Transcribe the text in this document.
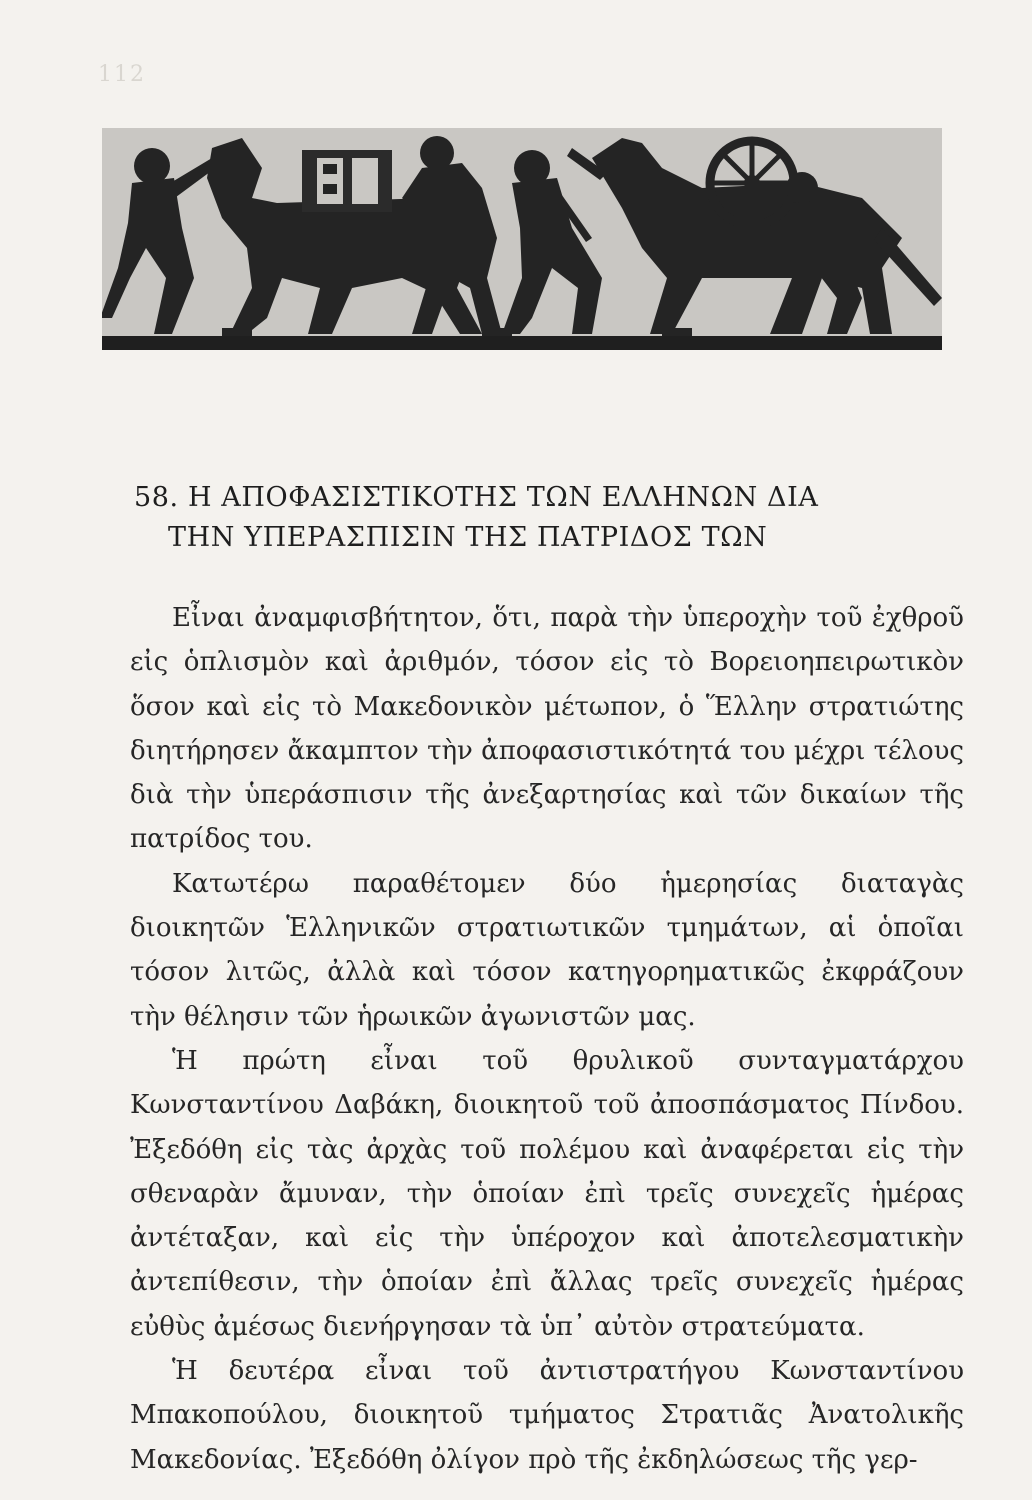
112
58. Η ΑΠΟΦΑΣΙΣΤΙΚΟΤΗΣ ΤΩΝ ΕΛΛΗΝΩΝ ΔΙΑ
ΤΗΝ ΥΠΕΡΑΣΠΙΣΙΝ ΤΗΣ ΠΑΤΡΙΔΟΣ ΤΩΝ

Εἶναι ἀναμφισβήτητον, ὅτι, παρὰ τὴν ὑπεροχὴν τοῦ ἐχθροῦ εἰς ὁπλισμὸν καὶ ἀριθμόν, τόσον εἰς τὸ Βορειοηπειρωτικὸν ὅσον καὶ εἰς τὸ Μακεδονικὸν μέτωπον, ὁ Ἕλλην στρατιώτης διητήρησεν ἄκαμπτον τὴν ἀποφασιστικότητά του μέχρι τέλους διὰ τὴν ὑπεράσπισιν τῆς ἀνεξαρτησίας καὶ τῶν δικαίων τῆς πατρίδος του.

Κατωτέρω παραθέτομεν δύο ἡμερησίας διαταγὰς διοικητῶν Ἑλληνικῶν στρατιωτικῶν τμημάτων, αἱ ὁποῖαι τόσον λιτῶς, ἀλλὰ καὶ τόσον κατηγορηματικῶς ἐκφράζουν τὴν θέλησιν τῶν ἡρωικῶν ἀγωνιστῶν μας.

Ἡ πρώτη εἶναι τοῦ θρυλικοῦ συνταγματάρχου Κωνσταντίνου Δαβάκη, διοικητοῦ τοῦ ἀποσπάσματος Πίνδου. Ἐξεδόθη εἰς τὰς ἀρχὰς τοῦ πολέμου καὶ ἀναφέρεται εἰς τὴν σθεναρὰν ἄμυναν, τὴν ὁποίαν ἐπὶ τρεῖς συνεχεῖς ἡμέρας ἀντέταξαν, καὶ εἰς τὴν ὑπέροχον καὶ ἀποτελεσματικὴν ἀντεπίθεσιν, τὴν ὁποίαν ἐπὶ ἄλλας τρεῖς συνεχεῖς ἡμέρας εὐθὺς ἀμέσως διενήργησαν τὰ ὑπ᾽ αὐτὸν στρατεύματα.

Ἡ δευτέρα εἶναι τοῦ ἀντιστρατήγου Κωνσταντίνου Μπακοπούλου, διοικητοῦ τμήματος Στρατιᾶς Ἀνατολικῆς Μακεδονίας. Ἐξεδόθη ὀλίγον πρὸ τῆς ἐκδηλώσεως τῆς γερ-
